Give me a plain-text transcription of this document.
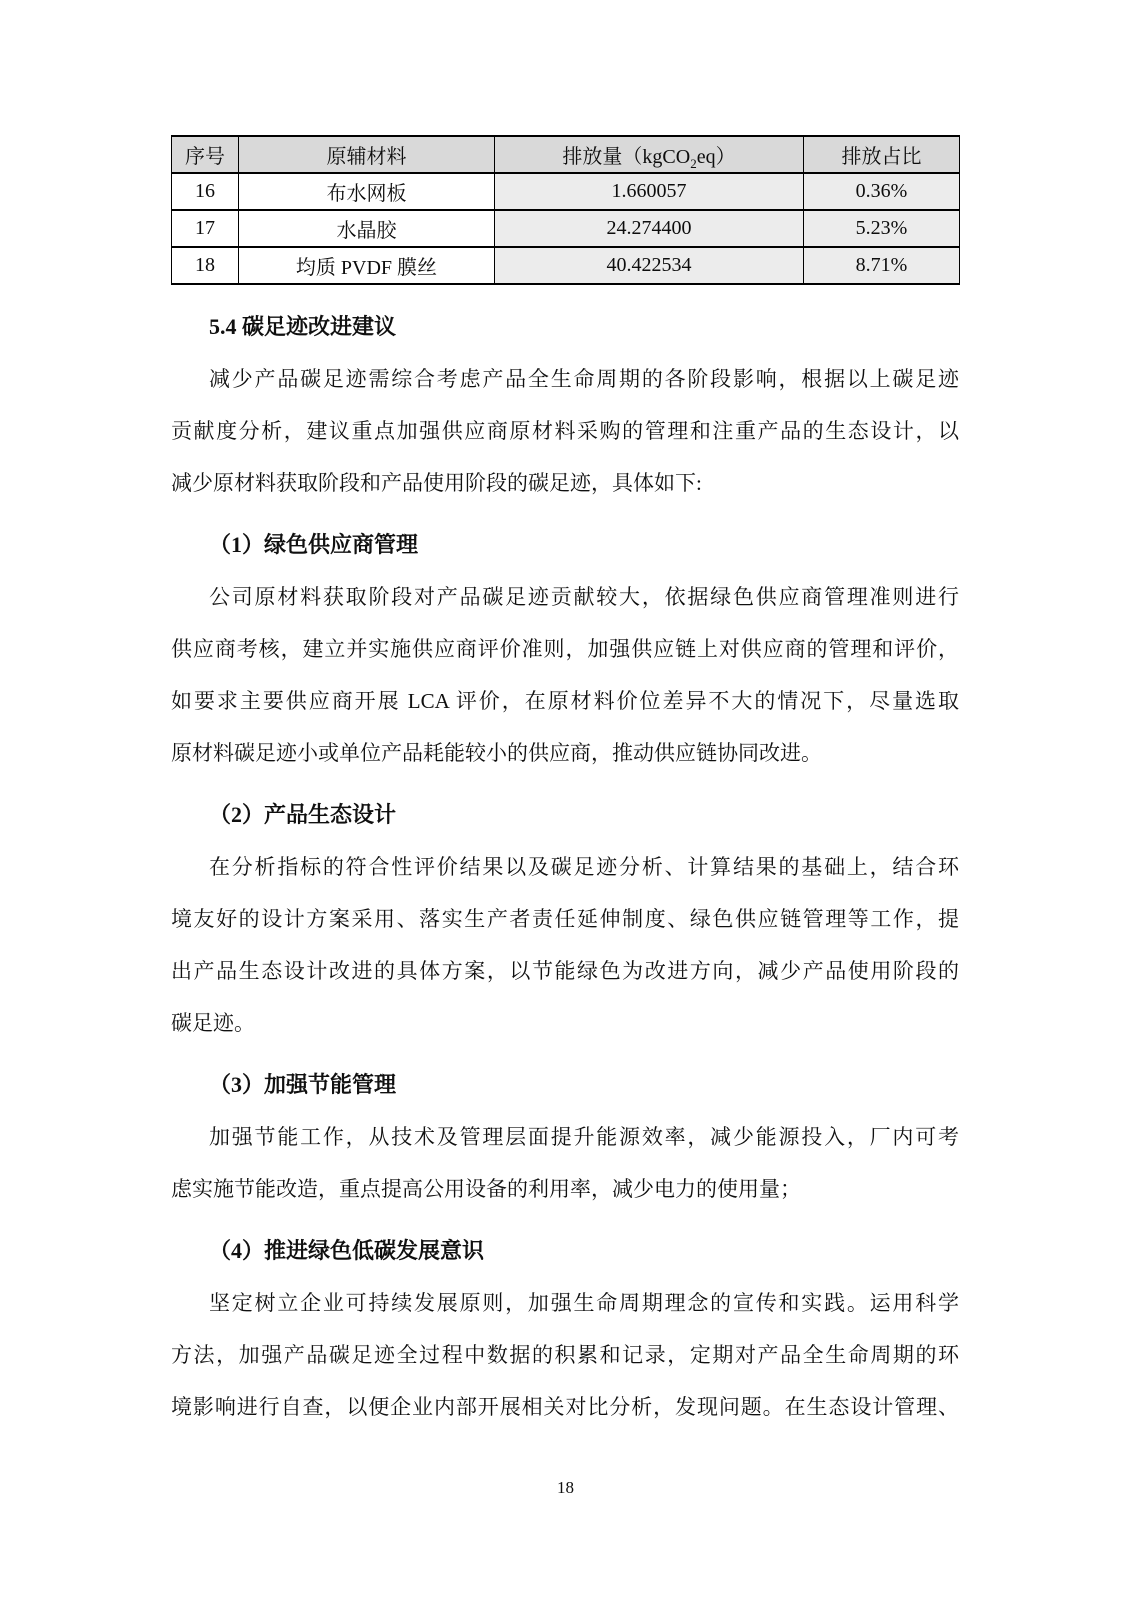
序号	原辅材料	排放量（kgCO$_2$eq）	排放占比
16	布水网板	1.660057	0.36%
17	水晶胶	24.274400	5.23%
18	均质 PVDF 膜丝	40.422534	8.71%
5.4 碳足迹改进建议
减少产品碳足迹需综合考虑产品全生命周期的各阶段影响，根据以上碳足迹
贡献度分析，建议重点加强供应商原材料采购的管理和注重产品的生态设计，以
减少原材料获取阶段和产品使用阶段的碳足迹，具体如下:
（1）绿色供应商管理
公司原材料获取阶段对产品碳足迹贡献较大，依据绿色供应商管理准则进行
供应商考核，建立并实施供应商评价准则，加强供应链上对供应商的管理和评价，
如要求主要供应商开展 LCA 评价，在原材料价位差异不大的情况下，尽量选取
原材料碳足迹小或单位产品耗能较小的供应商，推动供应链协同改进。
（2）产品生态设计
在分析指标的符合性评价结果以及碳足迹分析、计算结果的基础上，结合环
境友好的设计方案采用、落实生产者责任延伸制度、绿色供应链管理等工作，提
出产品生态设计改进的具体方案，以节能绿色为改进方向，减少产品使用阶段的
碳足迹。
（3）加强节能管理
加强节能工作，从技术及管理层面提升能源效率，减少能源投入，厂内可考
虑实施节能改造，重点提高公用设备的利用率，减少电力的使用量；
（4）推进绿色低碳发展意识
坚定树立企业可持续发展原则，加强生命周期理念的宣传和实践。运用科学
方法，加强产品碳足迹全过程中数据的积累和记录，定期对产品全生命周期的环
境影响进行自查，以便企业内部开展相关对比分析，发现问题。在生态设计管理、
18
